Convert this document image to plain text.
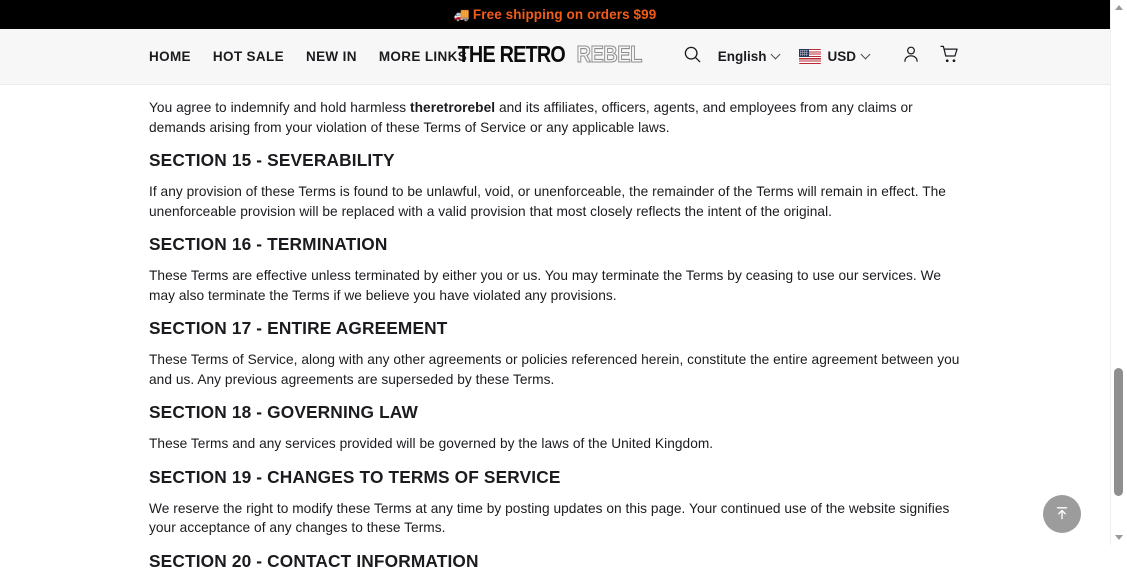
🚚 Free shipping on orders $99
HOME HOT SALE NEW IN MORE LINKS
THE RETRO REBEL	English	USD

You agree to indemnify and hold harmless theretrorebel and its affiliates, officers, agents, and employees from any claims or demands arising from your violation of these Terms of Service or any applicable laws.

SECTION 15 - SEVERABILITY

If any provision of these Terms is found to be unlawful, void, or unenforceable, the remainder of the Terms will remain in effect. The unenforceable provision will be replaced with a valid provision that most closely reflects the intent of the original.

SECTION 16 - TERMINATION

These Terms are effective unless terminated by either you or us. You may terminate the Terms by ceasing to use our services. We may also terminate the Terms if we believe you have violated any provisions.

SECTION 17 - ENTIRE AGREEMENT

These Terms of Service, along with any other agreements or policies referenced herein, constitute the entire agreement between you and us. Any previous agreements are superseded by these Terms.

SECTION 18 - GOVERNING LAW

These Terms and any services provided will be governed by the laws of the United Kingdom.

SECTION 19 - CHANGES TO TERMS OF SERVICE

We reserve the right to modify these Terms at any time by posting updates on this page. Your continued use of the website signifies your acceptance of any changes to these Terms.

SECTION 20 - CONTACT INFORMATION
